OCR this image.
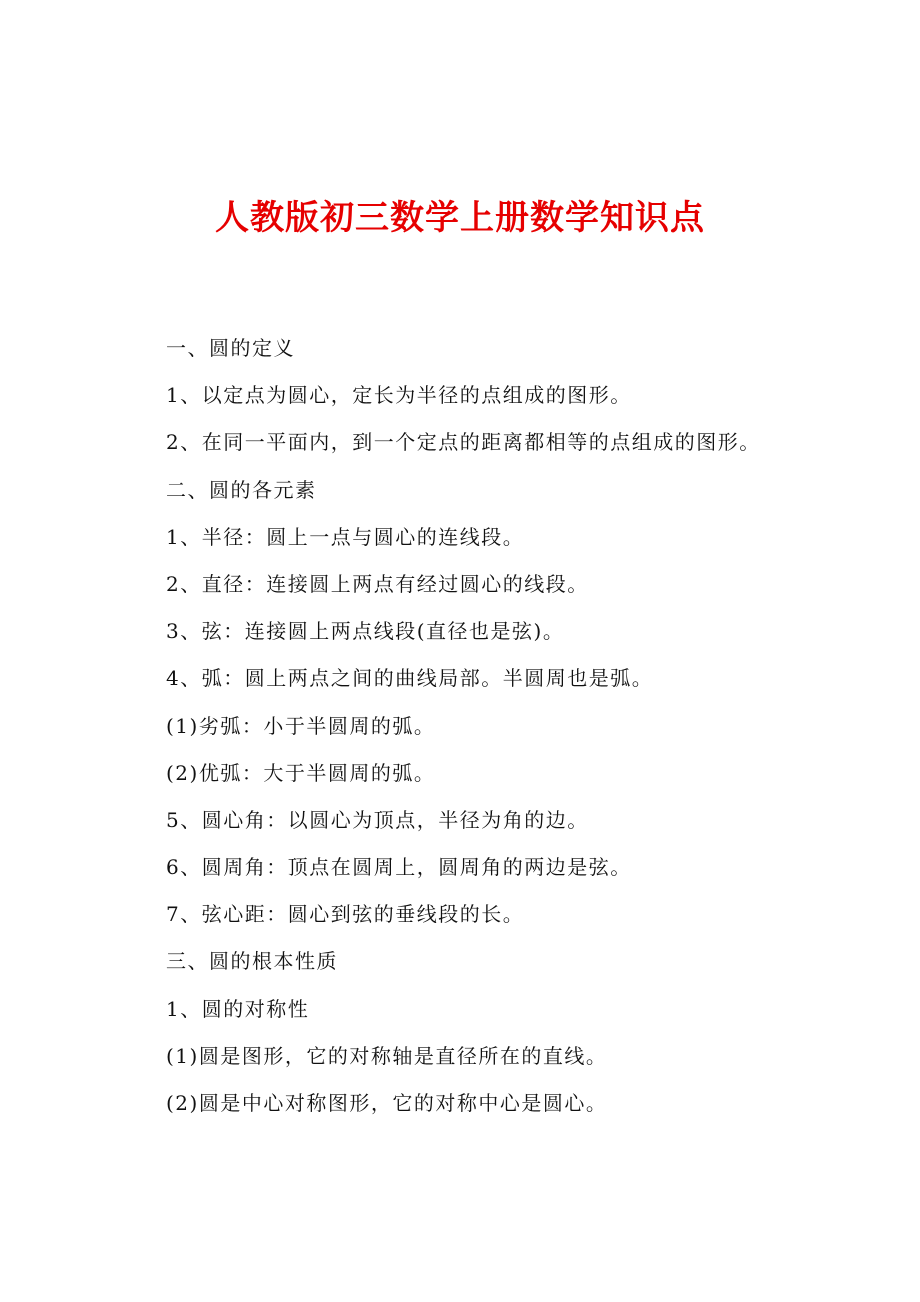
人教版初三数学上册数学知识点
一、圆的定义
1、以定点为圆心，定长为半径的点组成的图形。
2、在同一平面内，到一个定点的距离都相等的点组成的图形。
二、圆的各元素
1、半径：圆上一点与圆心的连线段。
2、直径：连接圆上两点有经过圆心的线段。
3、弦：连接圆上两点线段(直径也是弦)。
4、弧：圆上两点之间的曲线局部。半圆周也是弧。
(1)劣弧：小于半圆周的弧。
(2)优弧：大于半圆周的弧。
5、圆心角：以圆心为顶点，半径为角的边。
6、圆周角：顶点在圆周上，圆周角的两边是弦。
7、弦心距：圆心到弦的垂线段的长。
三、圆的根本性质
1、圆的对称性
(1)圆是图形，它的对称轴是直径所在的直线。
(2)圆是中心对称图形，它的对称中心是圆心。
